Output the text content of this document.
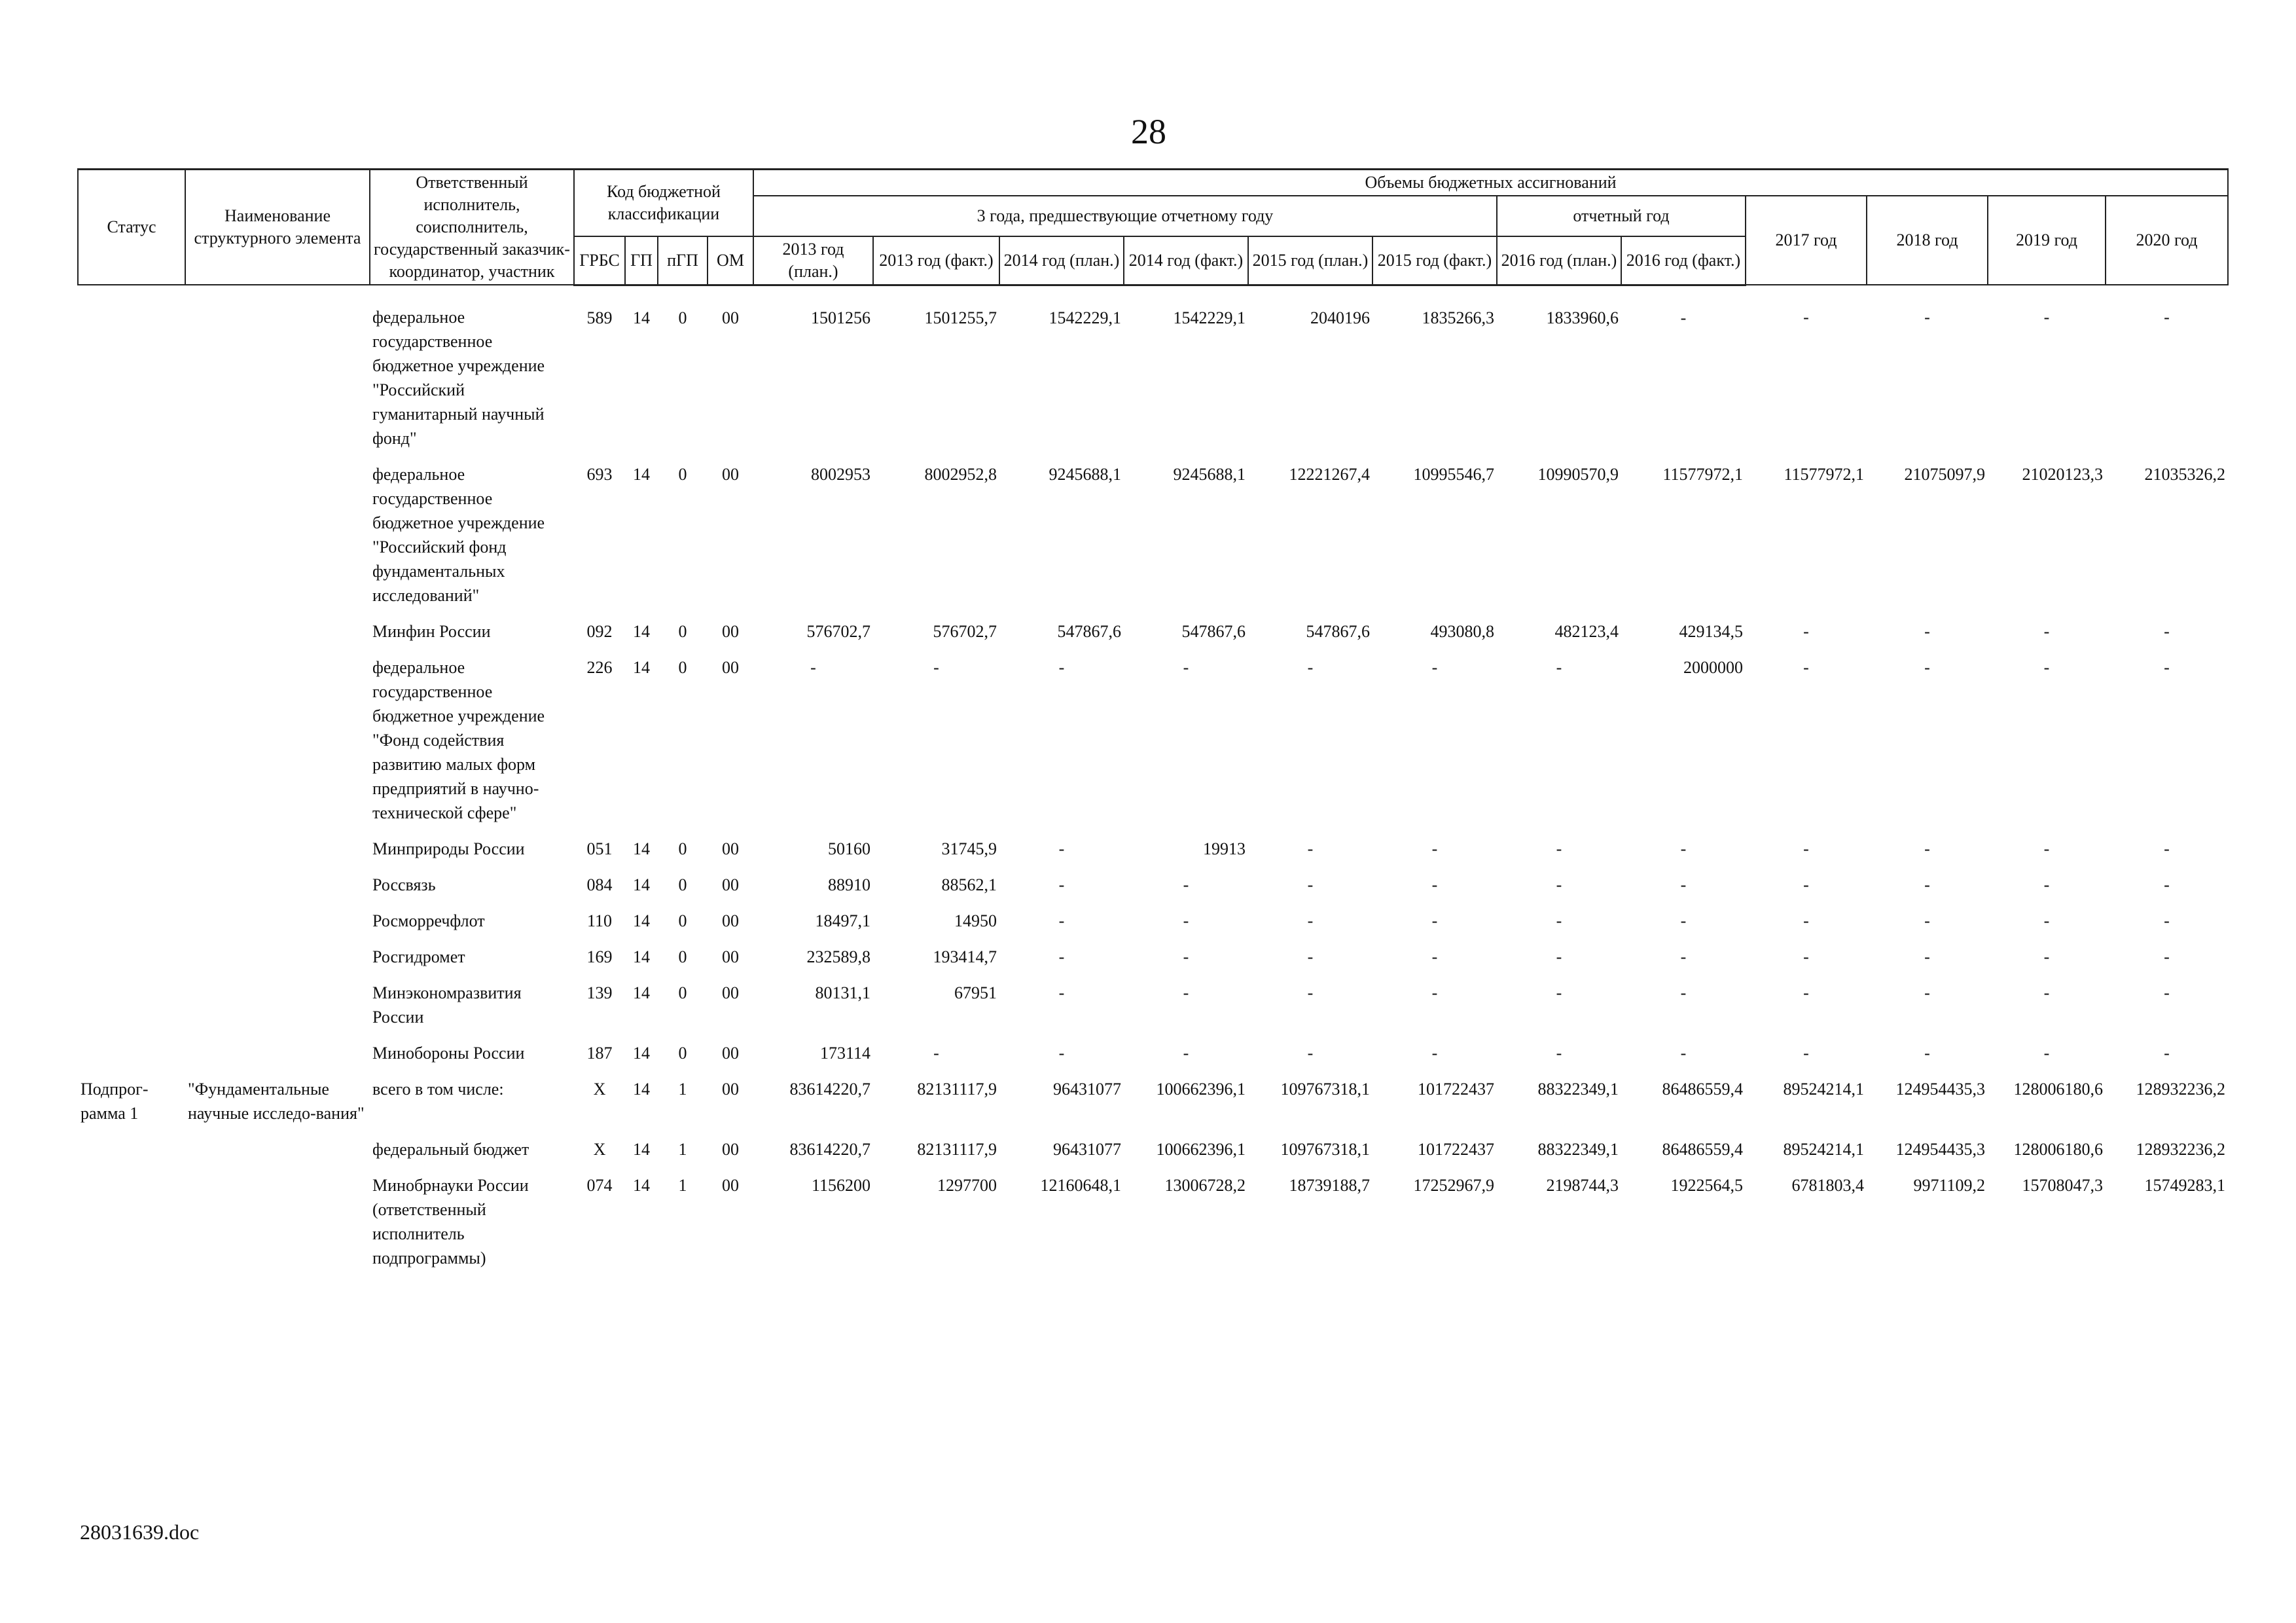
28
Статус	Наименование структурного элемента	Ответственный исполнитель, соисполнитель, государственный заказчик-координатор, участник	Код бюджетной классификации				Объемы бюджетных ассигнований											
							3 года, предшествующие отчетному году						отчетный год		2017 год	2018 год	2019 год	2020 год
			ГРБС	ГП	пГП	ОМ	2013 год (план.)	2013 год (факт.)	2014 год (план.)	2014 год (факт.)	2015 год (план.)	2015 год (факт.)	2016 год (план.)	2016 год (факт.)				
		федеральное государственное бюджетное учреждение "Российский гуманитарный научный фонд"	589	14	0	00	1501256	1501255,7	1542229,1	1542229,1	2040196	1835266,3	1833960,6	-	-	-	-	-
		федеральное государственное бюджетное учреждение "Российский фонд фундаментальных исследований"	693	14	0	00	8002953	8002952,8	9245688,1	9245688,1	12221267,4	10995546,7	10990570,9	11577972,1	11577972,1	21075097,9	21020123,3	21035326,2
		Минфин России	092	14	0	00	576702,7	576702,7	547867,6	547867,6	547867,6	493080,8	482123,4	429134,5	-	-	-	-
		федеральное государственное бюджетное учреждение "Фонд содействия развитию малых форм предприятий в научно-технической сфере"	226	14	0	00	-	-	-	-	-	-	-	2000000	-	-	-	-
		Минприроды России	051	14	0	00	50160	31745,9	-	19913	-	-	-	-	-	-	-	-
		Россвязь	084	14	0	00	88910	88562,1	-	-	-	-	-	-	-	-	-	-
		Росморречфлот	110	14	0	00	18497,1	14950	-	-	-	-	-	-	-	-	-	-
		Росгидромет	169	14	0	00	232589,8	193414,7	-	-	-	-	-	-	-	-	-	-
		Минэкономразвития России	139	14	0	00	80131,1	67951	-	-	-	-	-	-	-	-	-	-
		Минобороны России	187	14	0	00	173114	-	-	-	-	-	-	-	-	-	-	-
Подпрог-рамма 1	"Фундаментальные научные исследо-вания"	всего в том числе:	Х	14	1	00	83614220,7	82131117,9	96431077	100662396,1	109767318,1	101722437	88322349,1	86486559,4	89524214,1	124954435,3	128006180,6	128932236,2
		федеральный бюджет	Х	14	1	00	83614220,7	82131117,9	96431077	100662396,1	109767318,1	101722437	88322349,1	86486559,4	89524214,1	124954435,3	128006180,6	128932236,2
		Минобрнауки России (ответственный исполнитель подпрограммы)	074	14	1	00	1156200	1297700	12160648,1	13006728,2	18739188,7	17252967,9	2198744,3	1922564,5	6781803,4	9971109,2	15708047,3	15749283,1
28031639.doc
